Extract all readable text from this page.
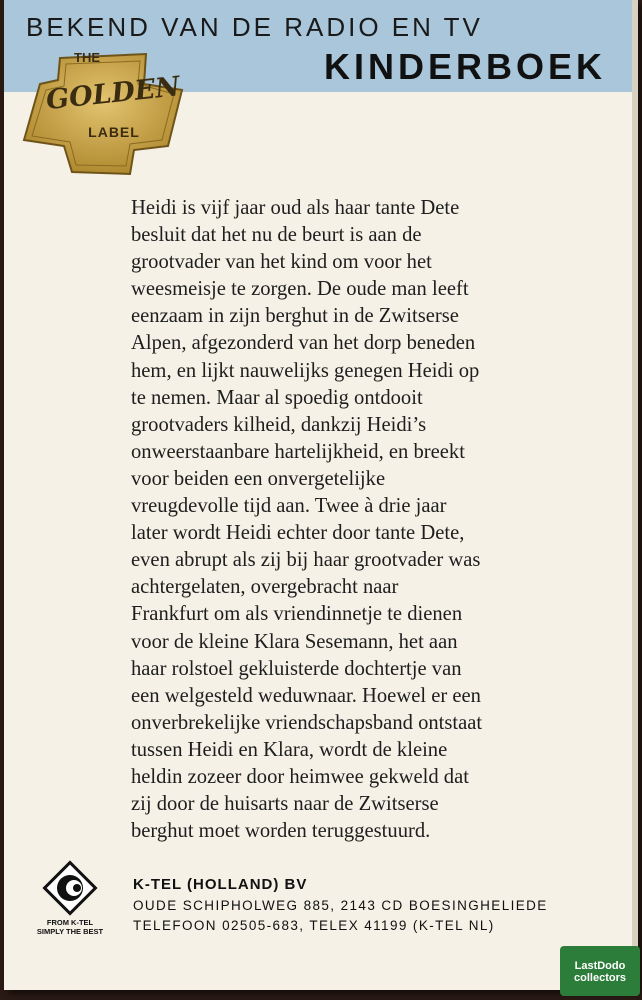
BEKEND VAN DE RADIO EN TV
KINDERBOEK
THE
GOLDEN
LABEL
Heidi is vijf jaar oud als haar tante Dete
besluit dat het nu de beurt is aan de
grootvader van het kind om voor het
weesmeisje te zorgen. De oude man leeft
eenzaam in zijn berghut in de Zwitserse
Alpen, afgezonderd van het dorp beneden
hem, en lijkt nauwelijks genegen Heidi op
te nemen. Maar al spoedig ontdooit
grootvaders kilheid, dankzij Heidi’s
onweerstaanbare hartelijkheid, en breekt
voor beiden een onvergetelijke
vreugdevolle tijd aan. Twee à drie jaar
later wordt Heidi echter door tante Dete,
even abrupt als zij bij haar grootvader was
achtergelaten, overgebracht naar
Frankfurt om als vriendinnetje te dienen
voor de kleine Klara Sesemann, het aan
haar rolstoel gekluisterde dochtertje van
een welgesteld weduwnaar. Hoewel er een
onverbrekelijke vriendschapsband ontstaat
tussen Heidi en Klara, wordt de kleine
heldin zozeer door heimwee gekweld dat
zij door de huisarts naar de Zwitserse
berghut moet worden teruggestuurd.
FROM K-TEL
SIMPLY THE BEST
K-TEL (HOLLAND) BV
OUDE SCHIPHOLWEG 885, 2143 CD BOESINGHELIEDE
TELEFOON 02505-683, TELEX 41199 (K-TEL NL)
LastDodo
collectors
